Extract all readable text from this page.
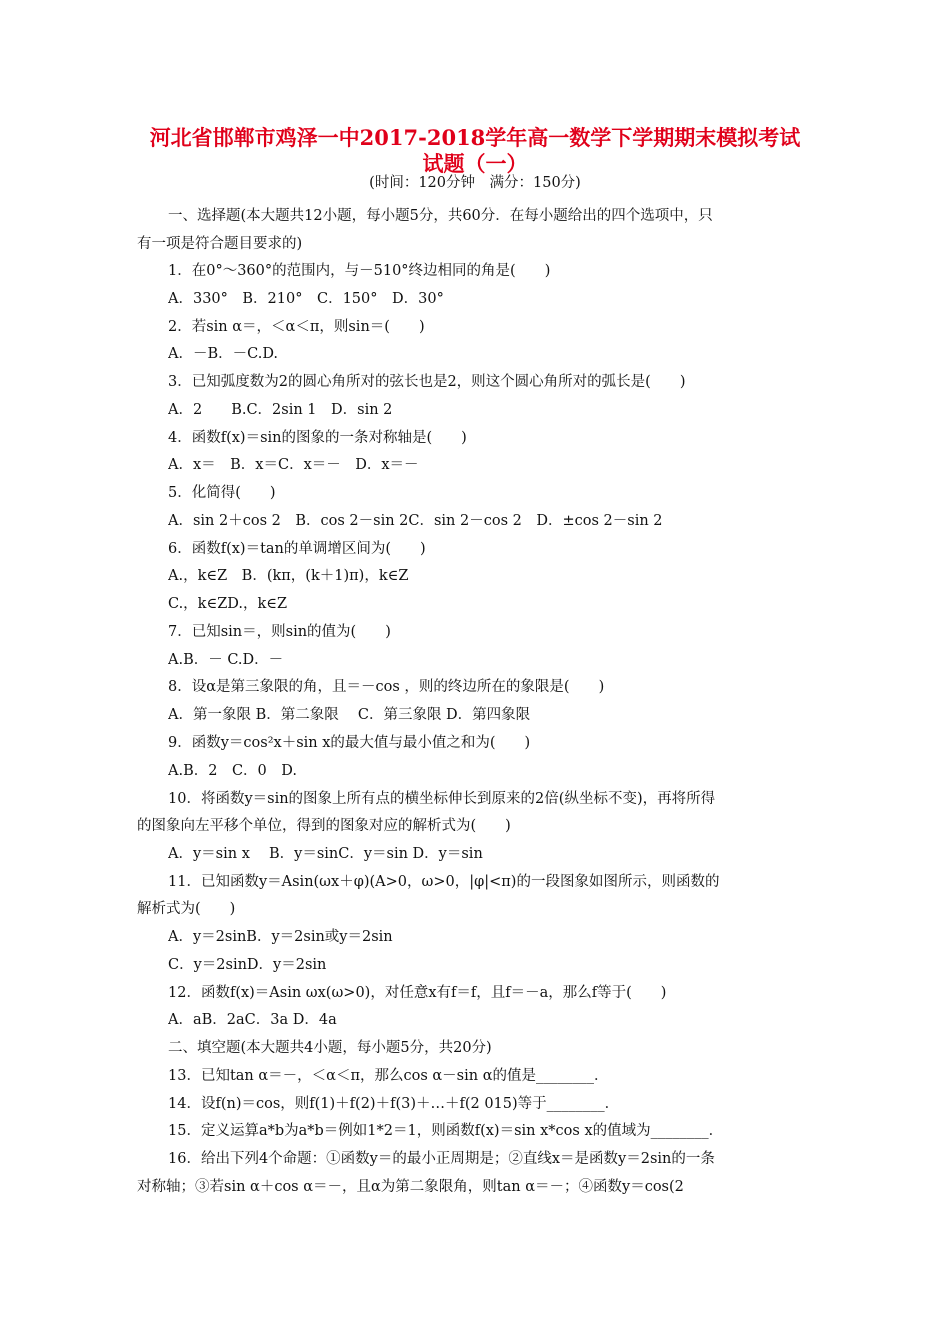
河北省邯郸市鸡泽一中2017-2018学年高一数学下学期期末模拟考试
试题（一）
(时间：120分钟　满分：150分)
一、选择题(本大题共12小题，每小题5分，共60分．在每小题给出的四个选项中，只
有一项是符合题目要求的)
1．在0°～360°的范围内，与－510°终边相同的角是(　　)
A．330°　B．210°　C．150°　D．30°
2．若sin α＝，＜α＜π，则sin＝(　　)
A．－B．－C.D.
3．已知弧度数为2的圆心角所对的弦长也是2，则这个圆心角所对的弧长是(　　)
A．2　　B.C．2sin 1　D．sin 2
4．函数f(x)＝sin的图象的一条对称轴是(　　)
A．x＝　B．x＝C．x＝－　D．x＝－
5．化简得(　　)
A．sin 2＋cos 2　B．cos 2－sin 2C．sin 2－cos 2　D．±cos 2－sin 2
6．函数f(x)＝tan的单调增区间为(　　)
A.，k∈Z　B．(kπ，(k＋1)π)，k∈Z
C.，k∈ZD.，k∈Z
7．已知sin＝，则sin的值为(　　)
A.B．－ C.D．－
8．设α是第三象限的角，且＝－cos ，则的终边所在的象限是(　　)
A．第一象限 B．第二象限　 C．第三象限 D．第四象限
9．函数y＝cos²x＋sin x的最大值与最小值之和为(　　)
A.B．2　C．0　D.
10．将函数y＝sin的图象上所有点的横坐标伸长到原来的2倍(纵坐标不变)，再将所得
的图象向左平移个单位，得到的图象对应的解析式为(　　)
A．y＝sin x　 B．y＝sinC．y＝sin D．y＝sin
11．已知函数y＝Asin(ωx＋φ)(A>0，ω>0，|φ|<π)的一段图象如图所示，则函数的
解析式为(　　)
A．y＝2sinB．y＝2sin或y＝2sin
C．y＝2sinD．y＝2sin
12．函数f(x)＝Asin ωx(ω>0)，对任意x有f＝f，且f＝－a，那么f等于(　　)
A．aB．2aC．3a D．4a
二、填空题(本大题共4小题，每小题5分，共20分)
13．已知tan α＝－，＜α＜π，那么cos α－sin α的值是________．
14．设f(n)＝cos，则f(1)＋f(2)＋f(3)＋…＋f(2 015)等于________．
15．定义运算a*b为a*b＝例如1*2＝1，则函数f(x)＝sin x*cos x的值域为________．
16．给出下列4个命题：①函数y＝的最小正周期是；②直线x＝是函数y＝2sin的一条
对称轴；③若sin α＋cos α＝－，且α为第二象限角，则tan α＝－；④函数y＝cos(2
